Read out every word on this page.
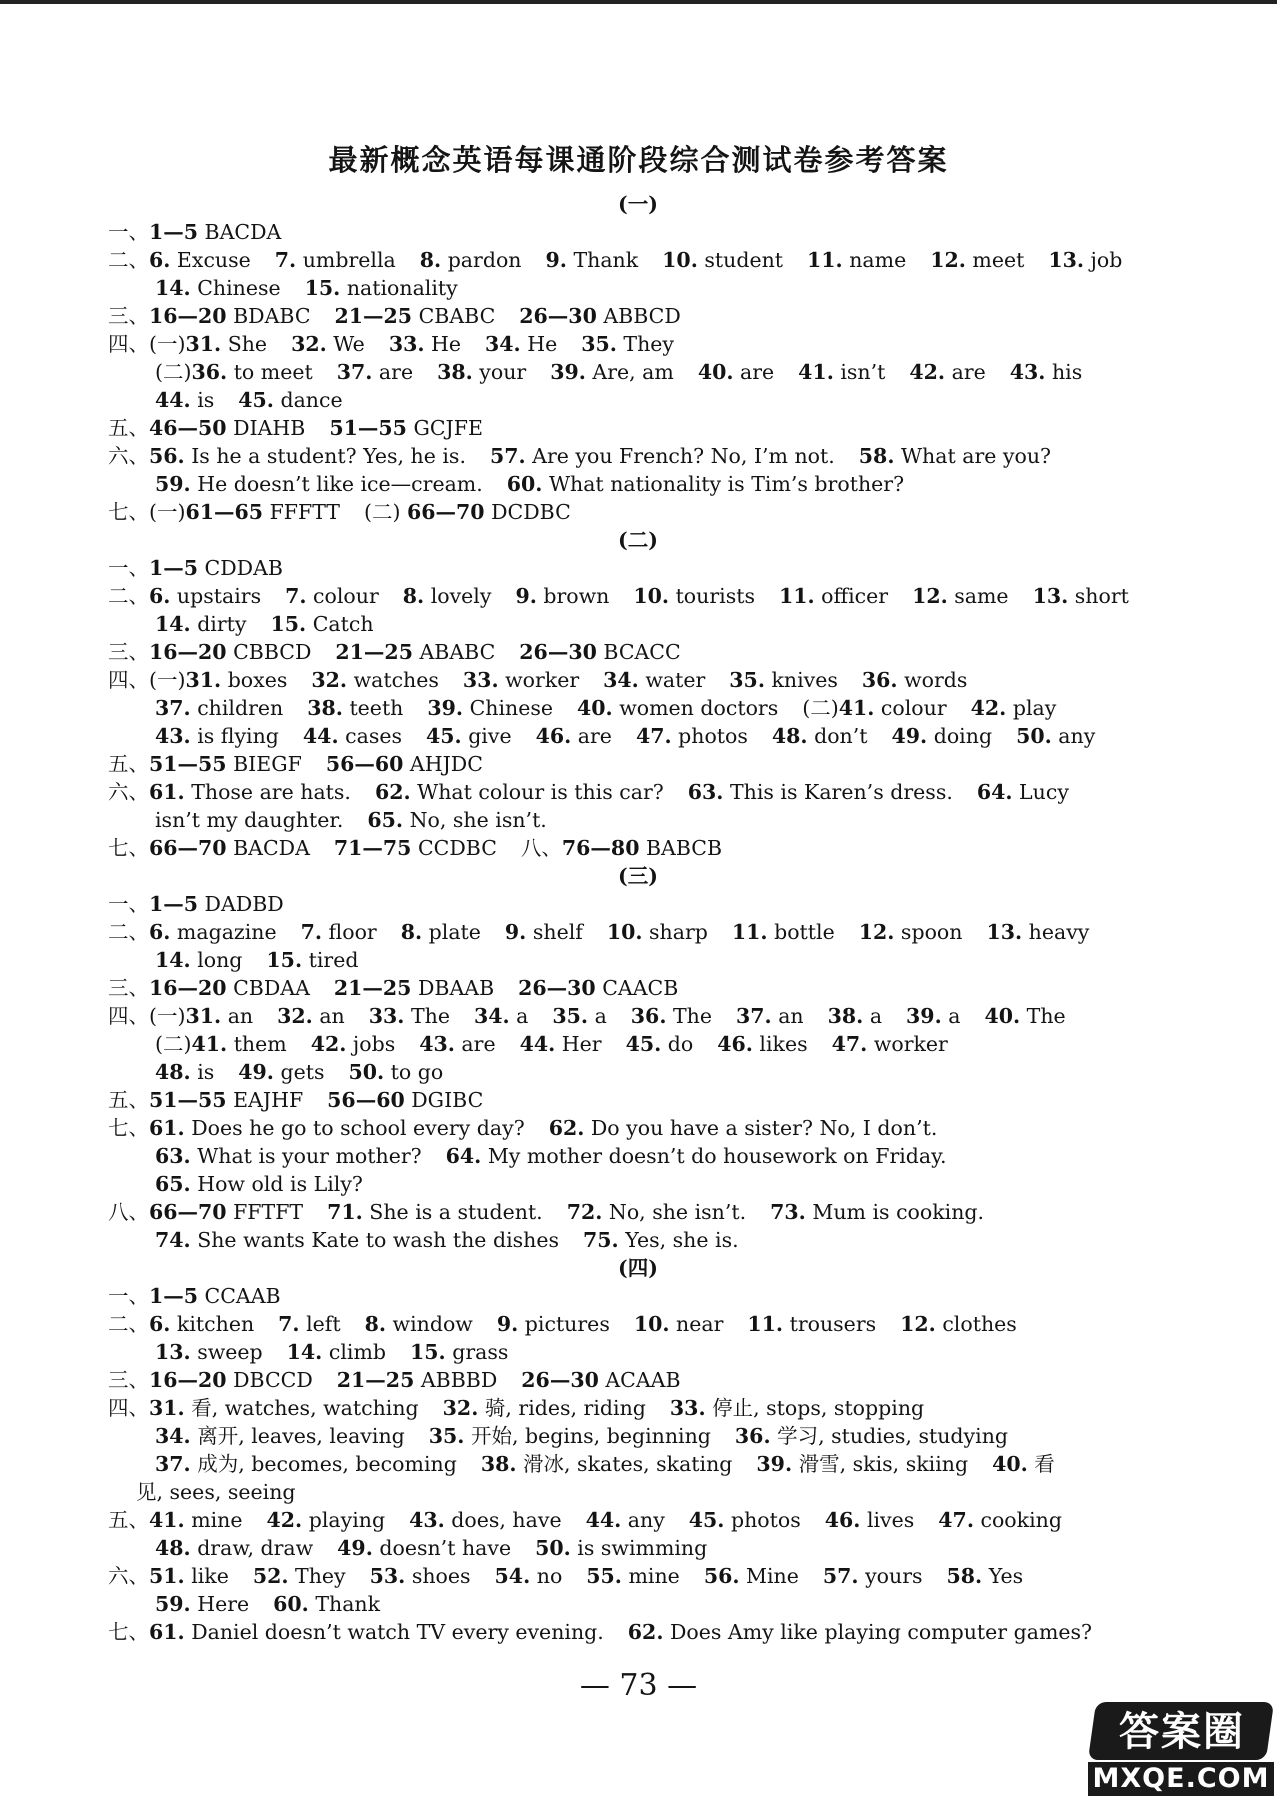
最新概念英语每课通阶段综合测试卷参考答案
(一)
一、1—5 BACDA
二、6. Excuse 7. umbrella 8. pardon 9. Thank 10. student 11. name 12. meet 13. job
14. Chinese 15. nationality
三、16—20 BDABC 21—25 CBABC 26—30 ABBCD
四、(一)31. She 32. We 33. He 34. He 35. They
(二)36. to meet 37. are 38. your 39. Are, am 40. are 41. isn’t 42. are 43. his
44. is 45. dance
五、46—50 DIAHB 51—55 GCJFE
六、56. Is he a student? Yes, he is. 57. Are you French? No, I’m not. 58. What are you?
59. He doesn’t like ice—cream. 60. What nationality is Tim’s brother?
七、(一)61—65 FFFTT (二) 66—70 DCDBC
(二)
一、1—5 CDDAB
二、6. upstairs 7. colour 8. lovely 9. brown 10. tourists 11. officer 12. same 13. short
14. dirty 15. Catch
三、16—20 CBBCD 21—25 ABABC 26—30 BCACC
四、(一)31. boxes 32. watches 33. worker 34. water 35. knives 36. words
37. children 38. teeth 39. Chinese 40. women doctors (二)41. colour 42. play
43. is flying 44. cases 45. give 46. are 47. photos 48. don’t 49. doing 50. any
五、51—55 BIEGF 56—60 AHJDC
六、61. Those are hats. 62. What colour is this car? 63. This is Karen’s dress. 64. Lucy
isn’t my daughter. 65. No, she isn’t.
七、66—70 BACDA 71—75 CCDBC 八、76—80 BABCB
(三)
一、1—5 DADBD
二、6. magazine 7. floor 8. plate 9. shelf 10. sharp 11. bottle 12. spoon 13. heavy
14. long 15. tired
三、16—20 CBDAA 21—25 DBAAB 26—30 CAACB
四、(一)31. an 32. an 33. The 34. a 35. a 36. The 37. an 38. a 39. a 40. The
(二)41. them 42. jobs 43. are 44. Her 45. do 46. likes 47. worker
48. is 49. gets 50. to go
五、51—55 EAJHF 56—60 DGIBC
七、61. Does he go to school every day? 62. Do you have a sister? No, I don’t.
63. What is your mother? 64. My mother doesn’t do housework on Friday.
65. How old is Lily?
八、66—70 FFTFT 71. She is a student. 72. No, she isn’t. 73. Mum is cooking.
74. She wants Kate to wash the dishes 75. Yes, she is.
(四)
一、1—5 CCAAB
二、6. kitchen 7. left 8. window 9. pictures 10. near 11. trousers 12. clothes
13. sweep 14. climb 15. grass
三、16—20 DBCCD 21—25 ABBBD 26—30 ACAAB
四、31. 看, watches, watching 32. 骑, rides, riding 33. 停止, stops, stopping
34. 离开, leaves, leaving 35. 开始, begins, beginning 36. 学习, studies, studying
37. 成为, becomes, becoming 38. 滑冰, skates, skating 39. 滑雪, skis, skiing 40. 看
见, sees, seeing
五、41. mine 42. playing 43. does, have 44. any 45. photos 46. lives 47. cooking
48. draw, draw 49. doesn’t have 50. is swimming
六、51. like 52. They 53. shoes 54. no 55. mine 56. Mine 57. yours 58. Yes
59. Here 60. Thank
七、61. Daniel doesn’t watch TV every evening. 62. Does Amy like playing computer games?
— 73 —
答案圈
MXQE.COM
